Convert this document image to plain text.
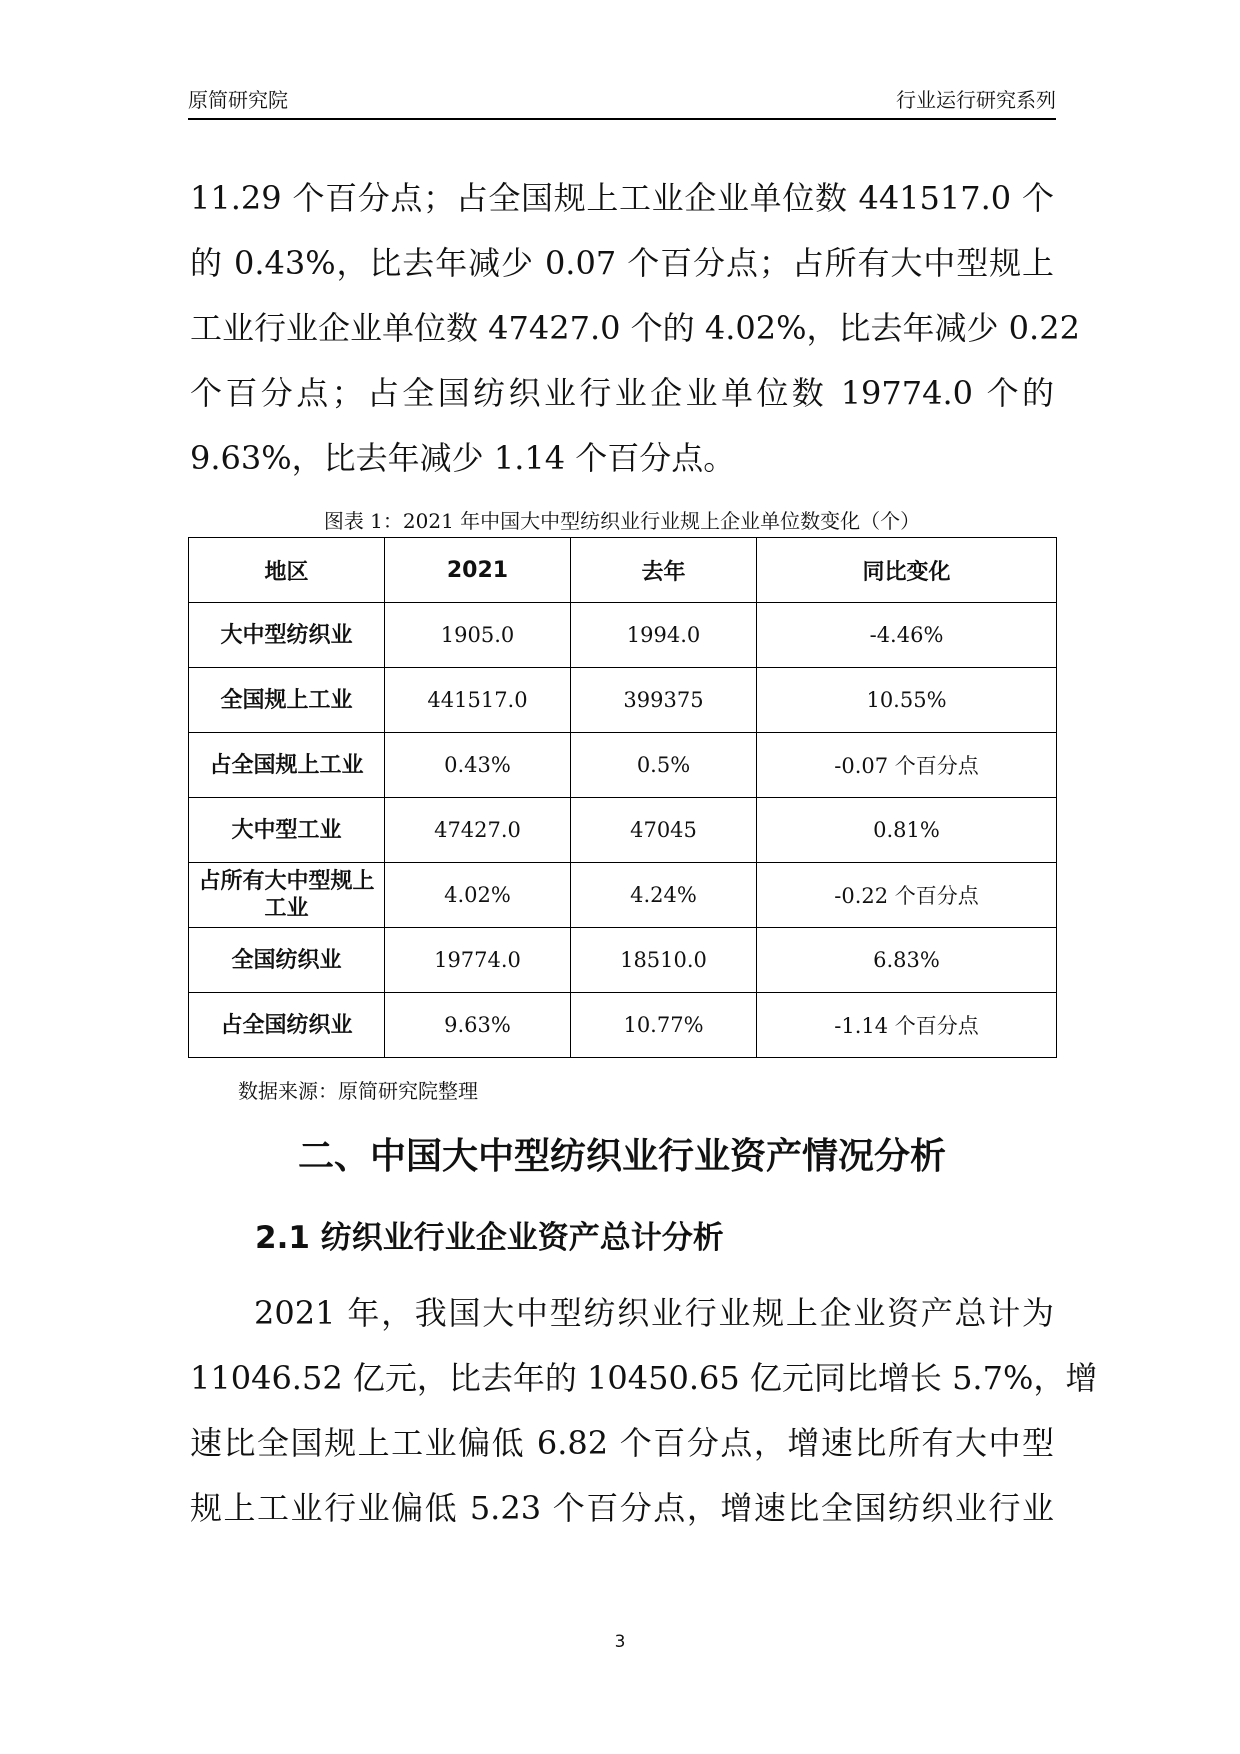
原简研究院	行业运行研究系列
11.29 个百分点；占全国规上工业企业单位数 441517.0 个
的 0.43%，比去年减少 0.07 个百分点；占所有大中型规上
工业行业企业单位数 47427.0 个的 4.02%，比去年减少 0.22
个百分点；占全国纺织业行业企业单位数 19774.0 个的
9.63%，比去年减少 1.14 个百分点。
图表 1：2021 年中国大中型纺织业行业规上企业单位数变化（个）
地区	2021	去年	同比变化
大中型纺织业	1905.0	1994.0	-4.46%
全国规上工业	441517.0	399375	10.55%
占全国规上工业	0.43%	0.5%	-0.07 个百分点
大中型工业	47427.0	47045	0.81%
占所有大中型规上工业	4.02%	4.24%	-0.22 个百分点
全国纺织业	19774.0	18510.0	6.83%
占全国纺织业	9.63%	10.77%	-1.14 个百分点
数据来源：原简研究院整理
二、中国大中型纺织业行业资产情况分析
2.1 纺织业行业企业资产总计分析
2021 年，我国大中型纺织业行业规上企业资产总计为
11046.52 亿元，比去年的 10450.65 亿元同比增长 5.7%，增
速比全国规上工业偏低 6.82 个百分点，增速比所有大中型
规上工业行业偏低 5.23 个百分点，增速比全国纺织业行业
3
